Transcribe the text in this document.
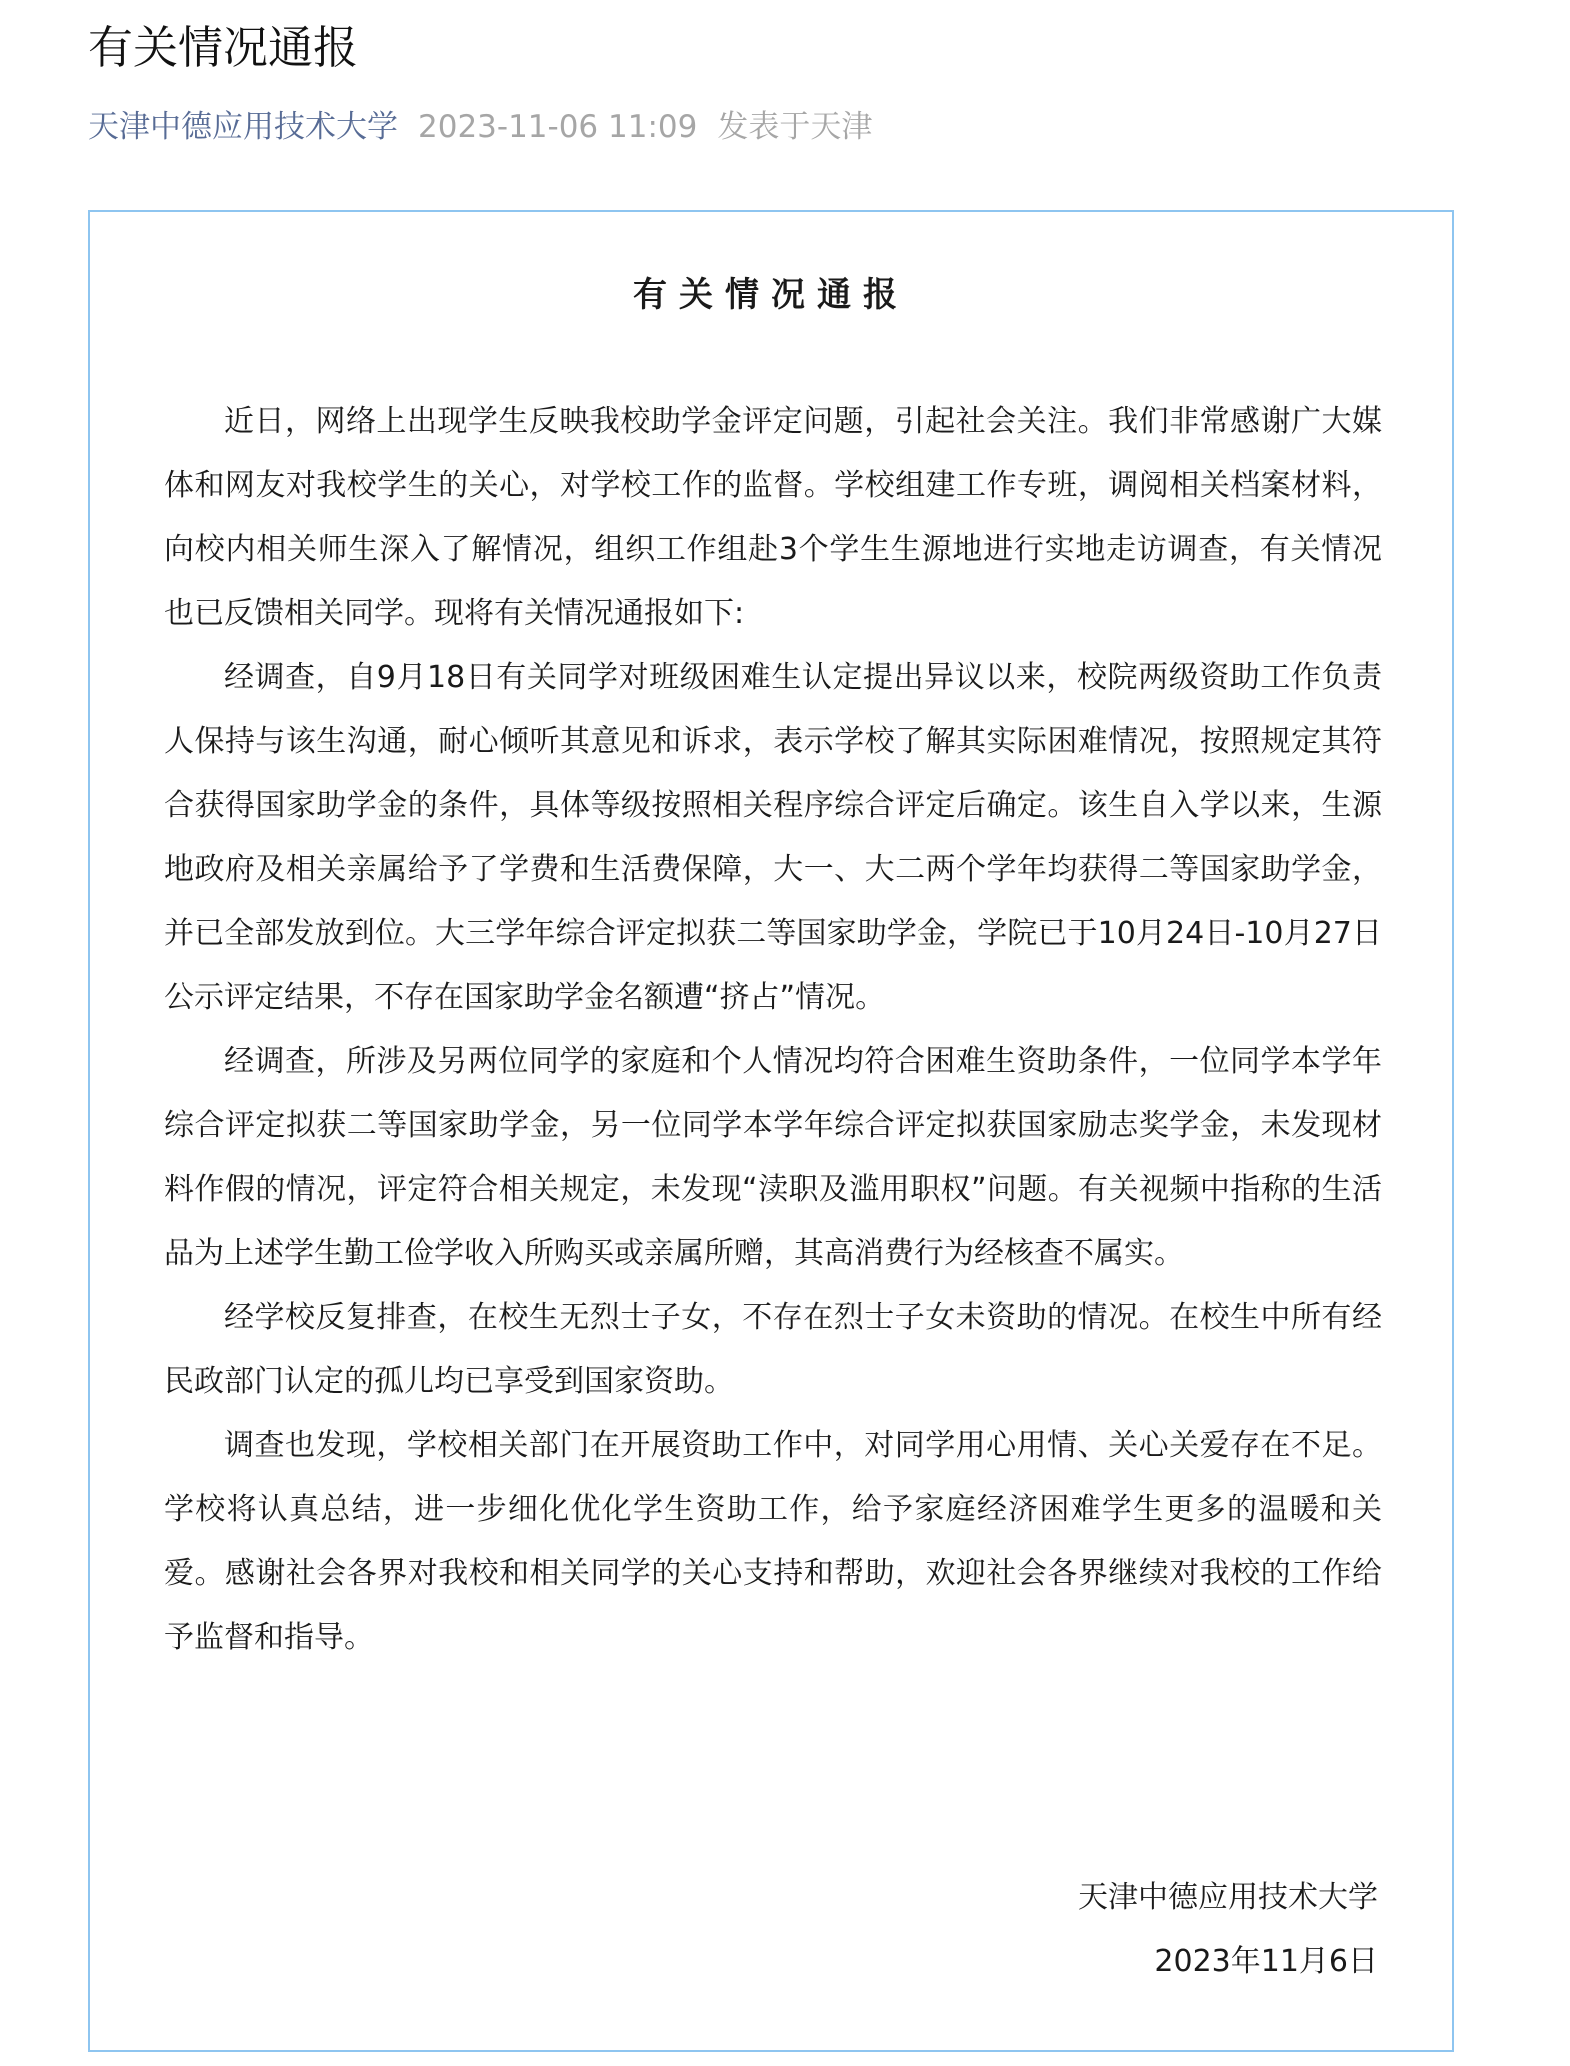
有关情况通报
天津中德应用技术大学 2023-11-06 11:09 发表于天津
有关情况通报

近日，网络上出现学生反映我校助学金评定问题，引起社会关注。我们非常感谢广大媒体和网友对我校学生的关心，对学校工作的监督。学校组建工作专班，调阅相关档案材料，向校内相关师生深入了解情况，组织工作组赴3个学生生源地进行实地走访调查，有关情况也已反馈相关同学。现将有关情况通报如下:

经调查，自9月18日有关同学对班级困难生认定提出异议以来，校院两级资助工作负责人保持与该生沟通，耐心倾听其意见和诉求，表示学校了解其实际困难情况，按照规定其符合获得国家助学金的条件，具体等级按照相关程序综合评定后确定。该生自入学以来，生源地政府及相关亲属给予了学费和生活费保障，大一、大二两个学年均获得二等国家助学金，并已全部发放到位。大三学年综合评定拟获二等国家助学金，学院已于10月24日-10月27日公示评定结果，不存在国家助学金名额遭“挤占”情况。

经调查，所涉及另两位同学的家庭和个人情况均符合困难生资助条件，一位同学本学年综合评定拟获二等国家助学金，另一位同学本学年综合评定拟获国家励志奖学金，未发现材料作假的情况，评定符合相关规定，未发现“渎职及滥用职权”问题。有关视频中指称的生活品为上述学生勤工俭学收入所购买或亲属所赠，其高消费行为经核查不属实。

经学校反复排查，在校生无烈士子女，不存在烈士子女未资助的情况。在校生中所有经民政部门认定的孤儿均已享受到国家资助。

调查也发现，学校相关部门在开展资助工作中，对同学用心用情、关心关爱存在不足。学校将认真总结，进一步细化优化学生资助工作，给予家庭经济困难学生更多的温暖和关爱。感谢社会各界对我校和相关同学的关心支持和帮助，欢迎社会各界继续对我校的工作给予监督和指导。

天津中德应用技术大学
2023年11月6日
